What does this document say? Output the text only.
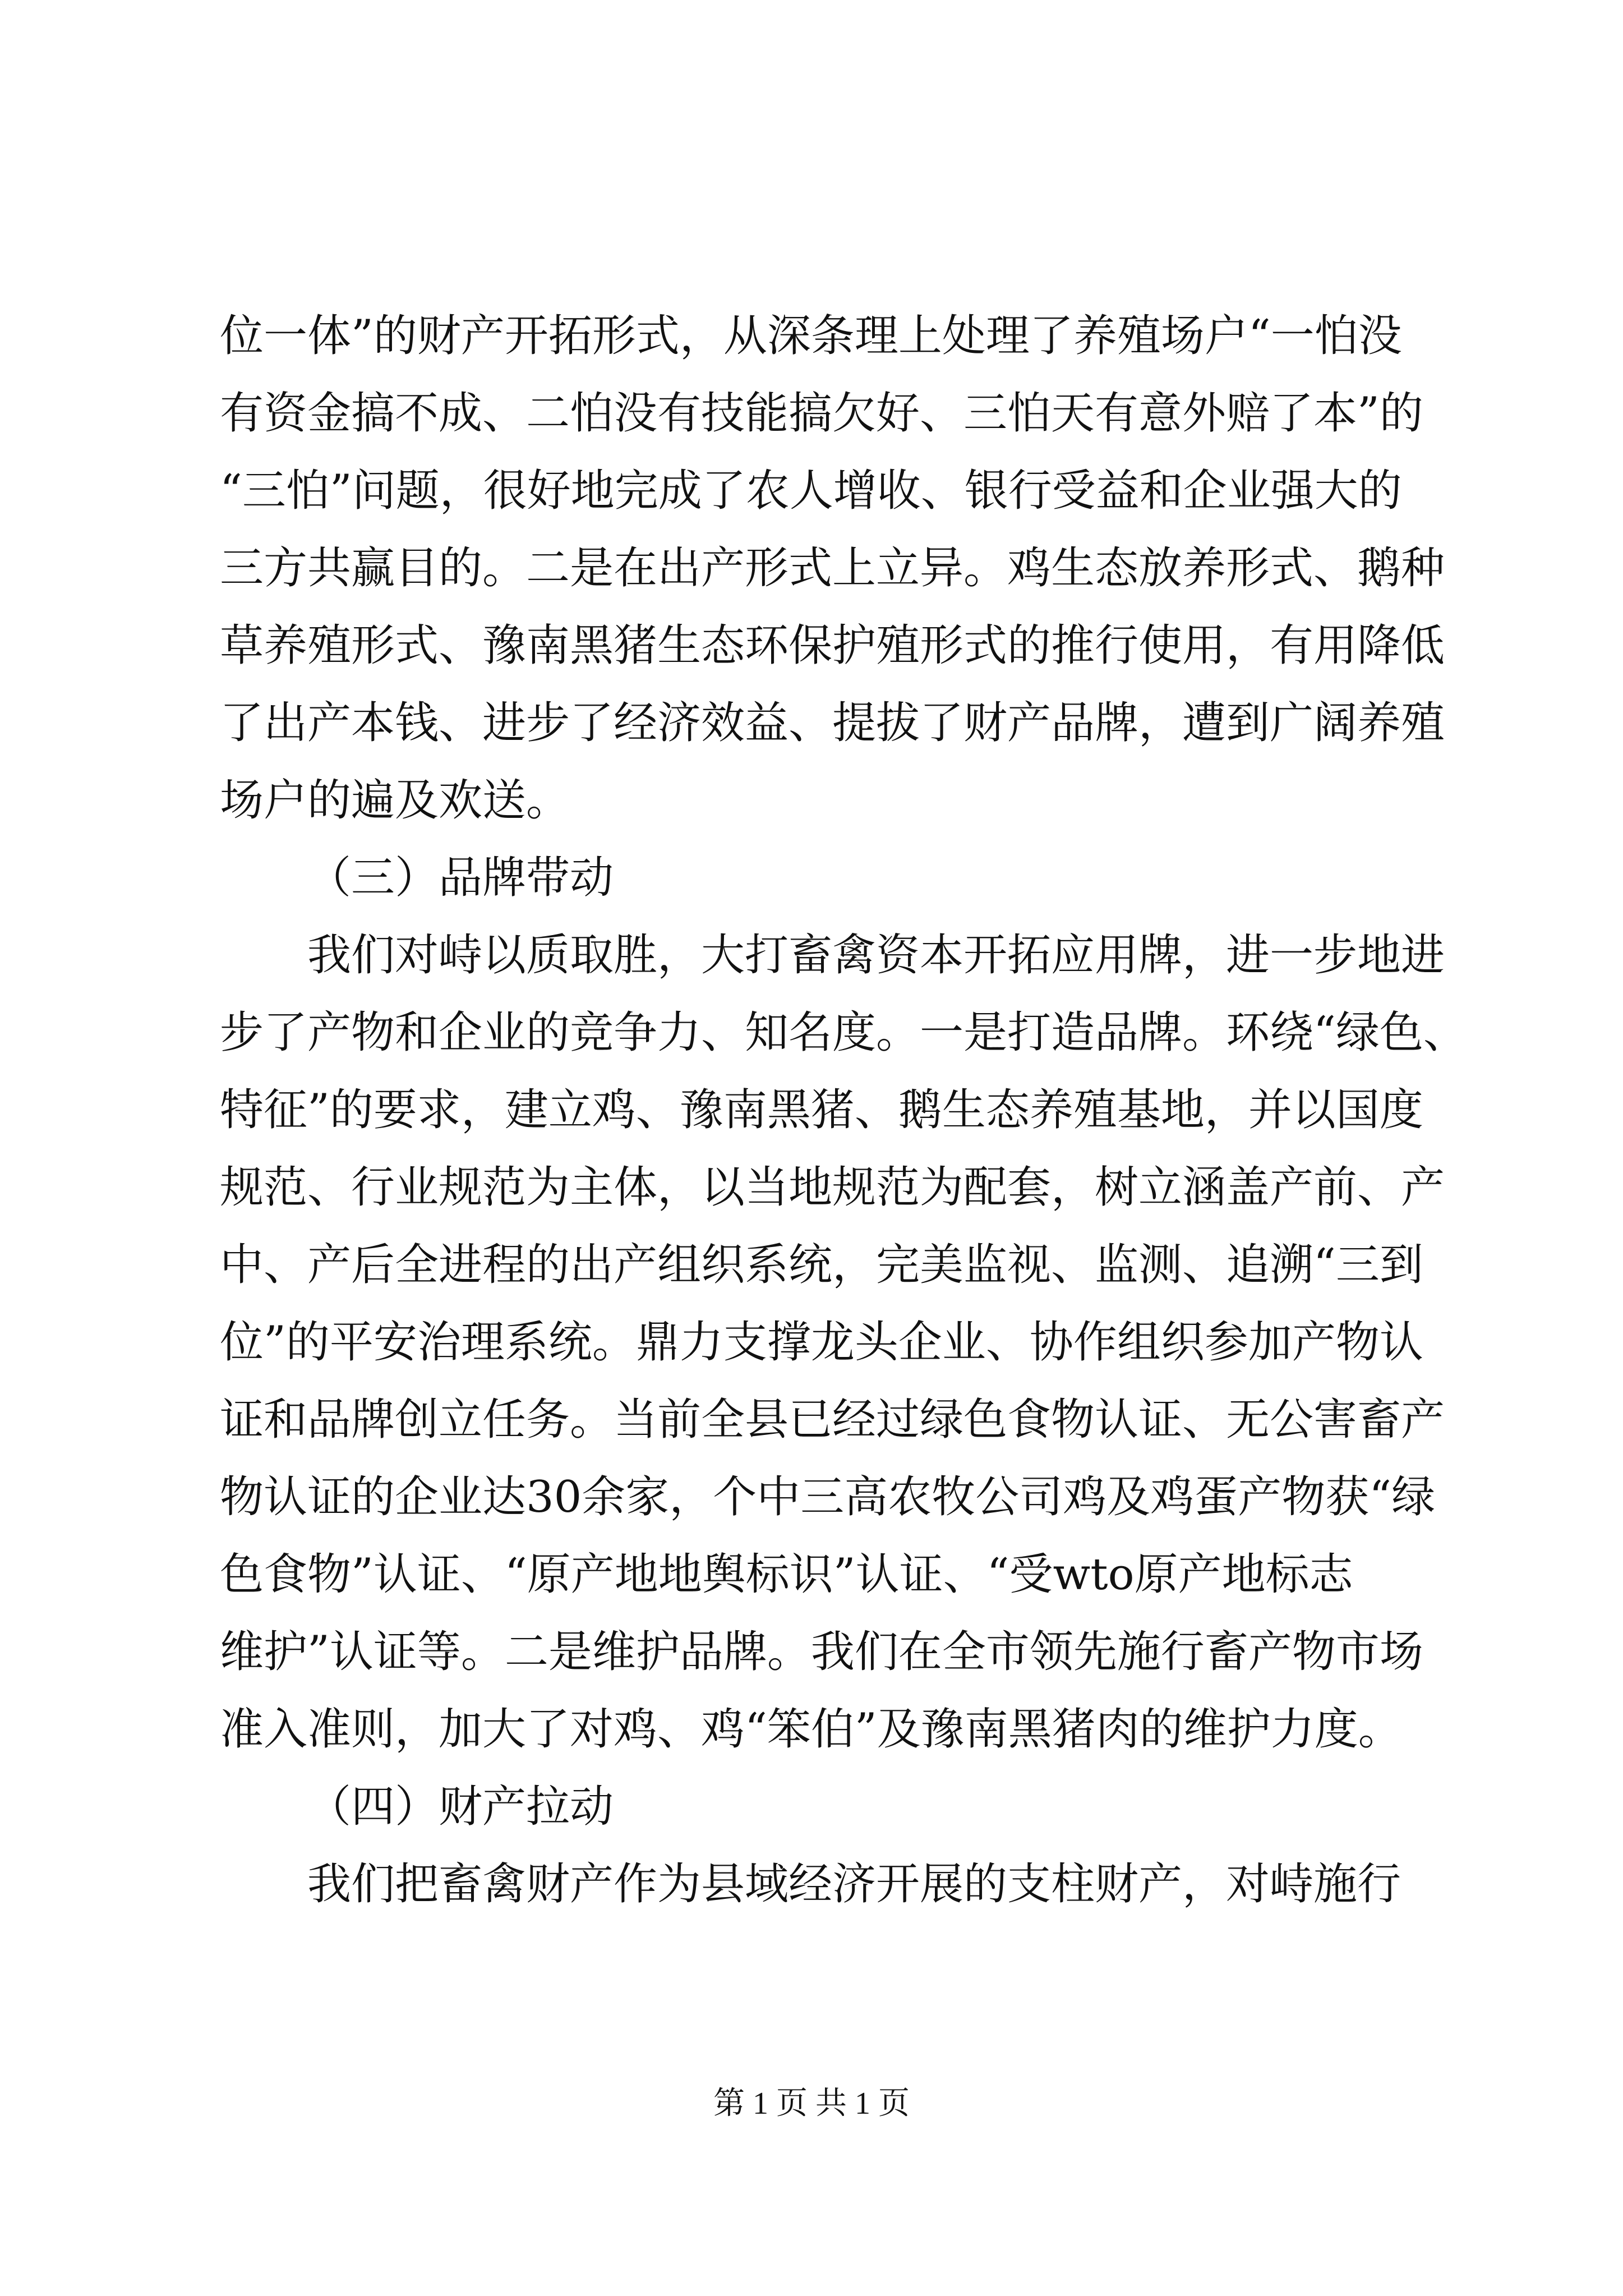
位一体”的财产开拓形式，从深条理上处理了养殖场户“一怕没
有资金搞不成、二怕没有技能搞欠好、三怕天有意外赔了本”的
“三怕”问题，很好地完成了农人增收、银行受益和企业强大的
三方共赢目的。二是在出产形式上立异。鸡生态放养形式、鹅种
草养殖形式、豫南黑猪生态环保护殖形式的推行使用，有用降低
了出产本钱、进步了经济效益、提拔了财产品牌，遭到广阔养殖
场户的遍及欢送。
（三）品牌带动
我们对峙以质取胜，大打畜禽资本开拓应用牌，进一步地进
步了产物和企业的竞争力、知名度。一是打造品牌。环绕“绿色、
特征”的要求，建立鸡、豫南黑猪、鹅生态养殖基地，并以国度
规范、行业规范为主体，以当地规范为配套，树立涵盖产前、产
中、产后全进程的出产组织系统，完美监视、监测、追溯“三到
位”的平安治理系统。鼎力支撑龙头企业、协作组织参加产物认
证和品牌创立任务。当前全县已经过绿色食物认证、无公害畜产
物认证的企业达30余家，个中三高农牧公司鸡及鸡蛋产物获“绿
色食物”认证、“原产地地舆标识”认证、“受wto原产地标志
维护”认证等。二是维护品牌。我们在全市领先施行畜产物市场
准入准则，加大了对鸡、鸡“笨伯”及豫南黑猪肉的维护力度。
（四）财产拉动
我们把畜禽财产作为县域经济开展的支柱财产，对峙施行
第 1 页 共 1 页
